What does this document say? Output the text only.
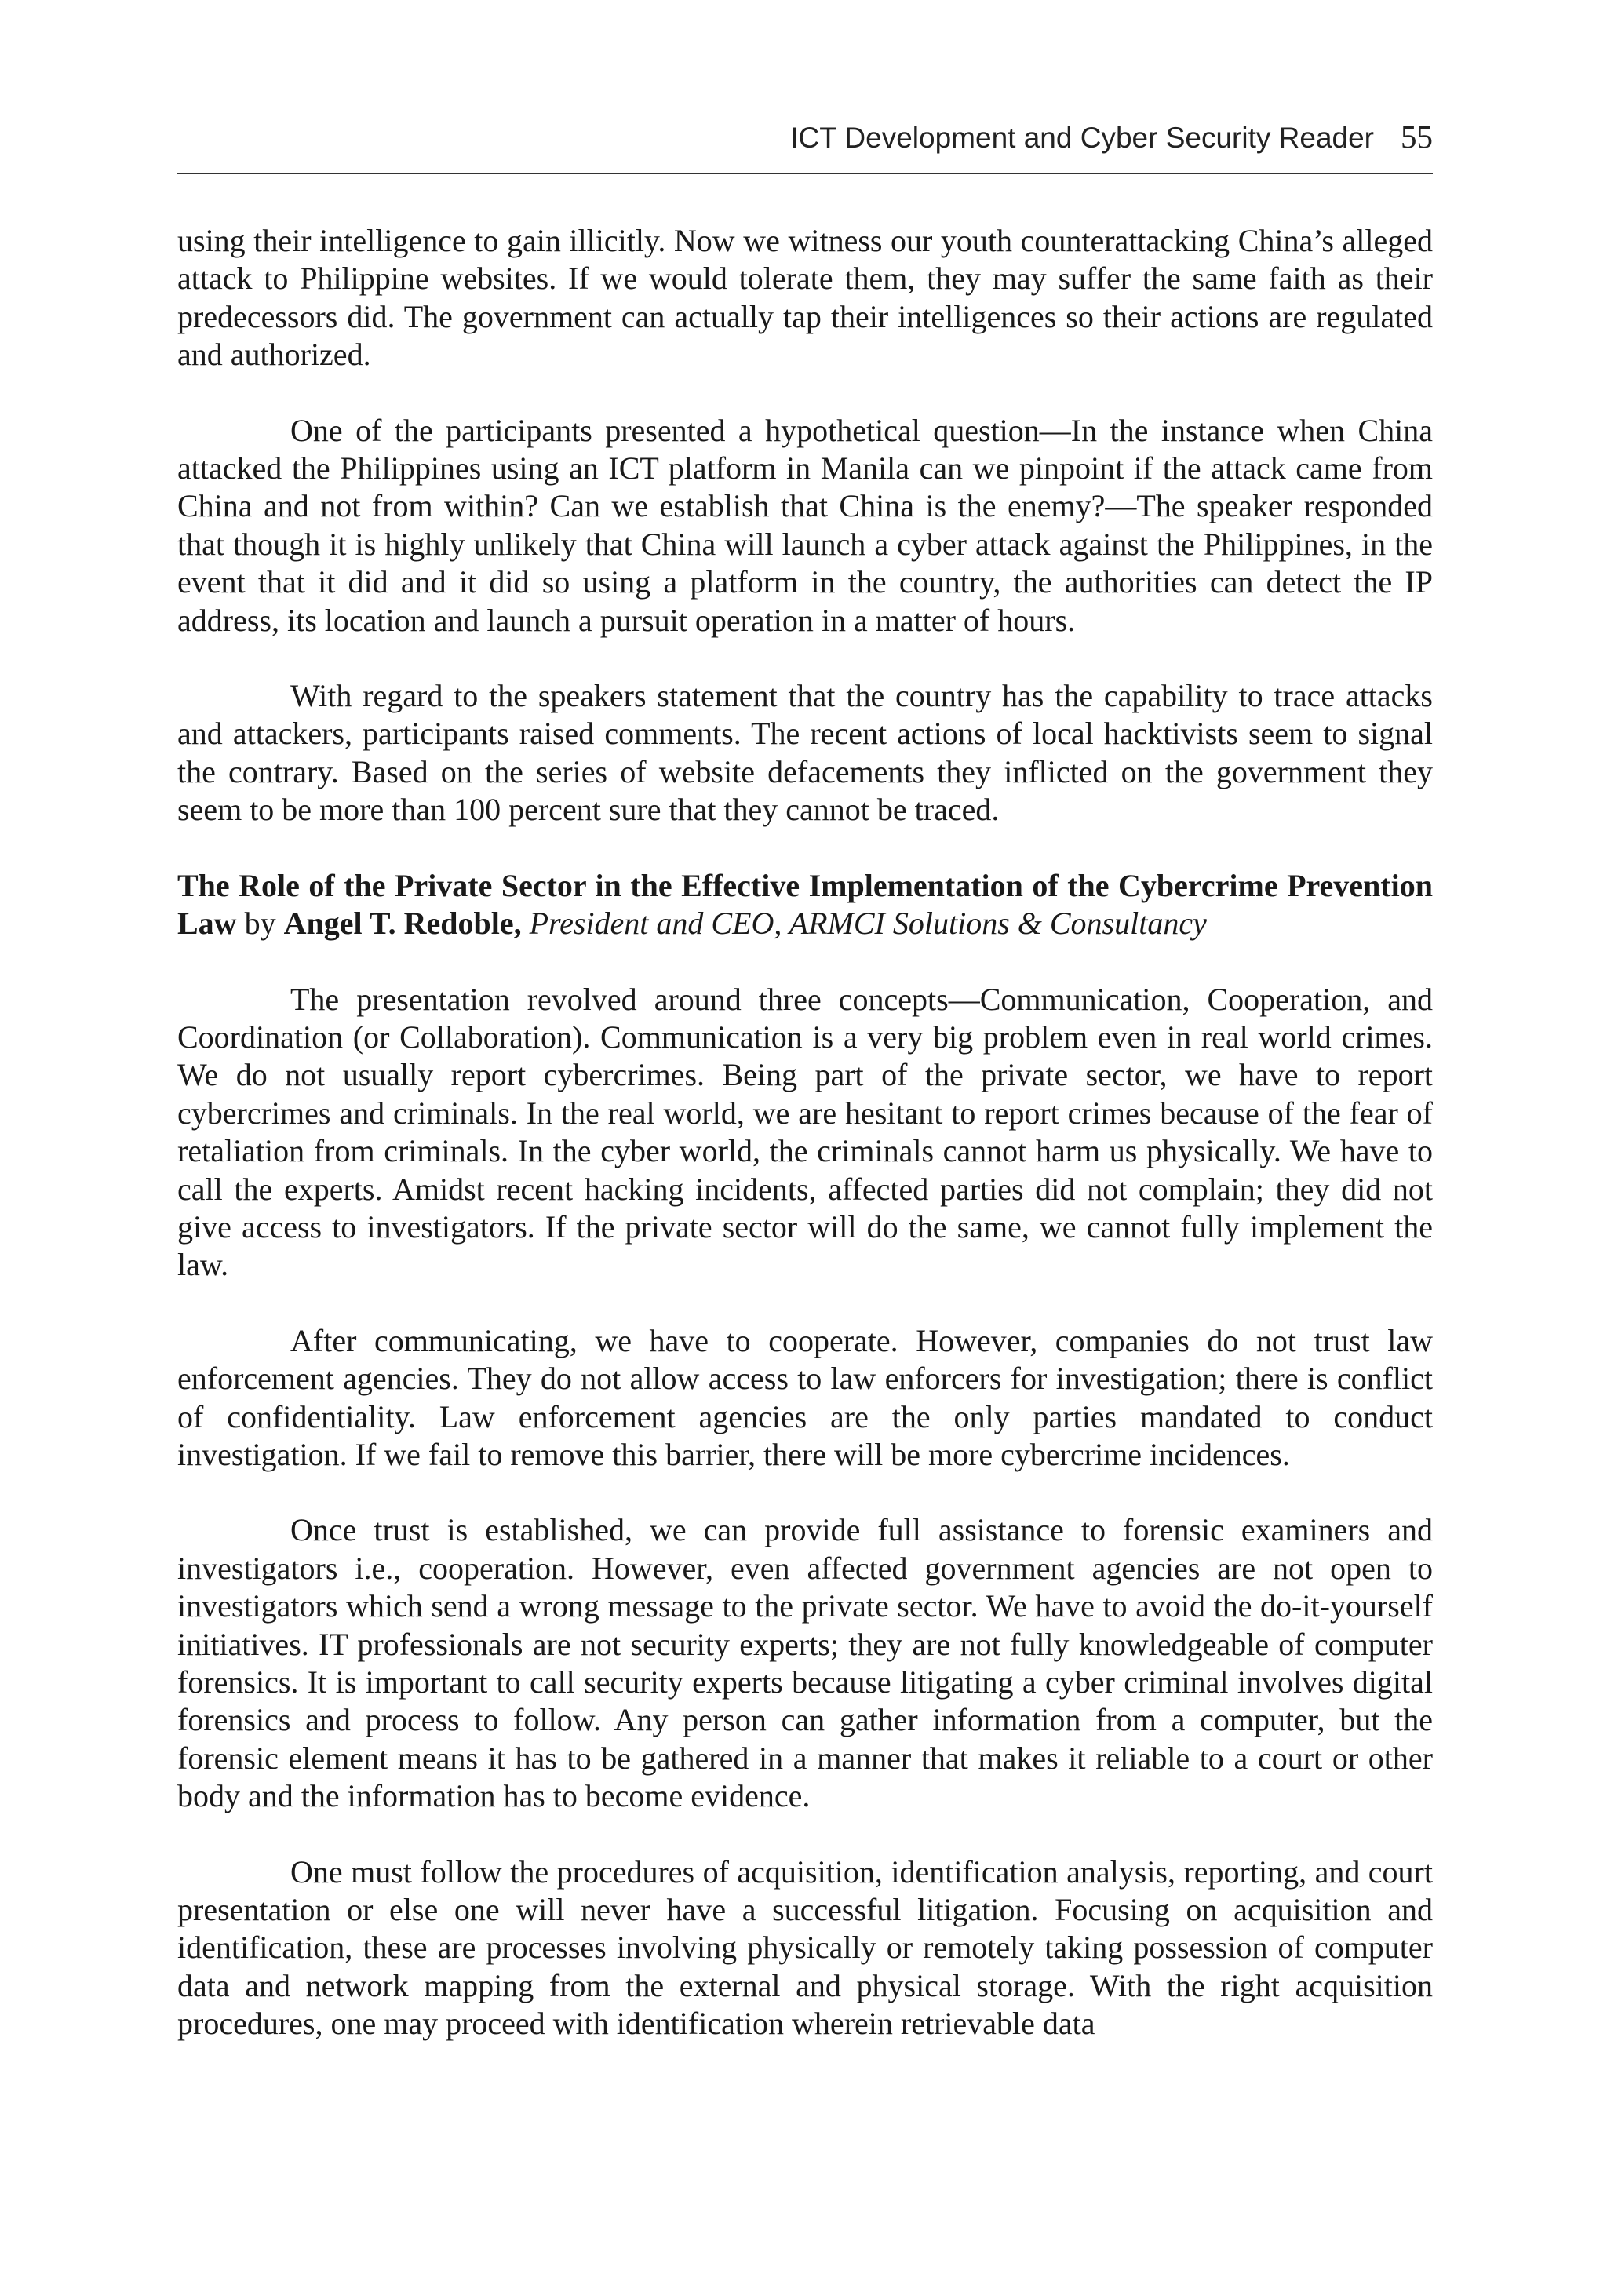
ICT Development and Cyber Security Reader 55

using their intelligence to gain illicitly. Now we witness our youth counterattacking China’s alleged attack to Philippine websites. If we would tolerate them, they may suffer the same faith as their predecessors did. The government can actually tap their intelligences so their actions are regulated and authorized.

One of the participants presented a hypothetical question—In the instance when China attacked the Philippines using an ICT platform in Manila can we pinpoint if the attack came from China and not from within? Can we establish that China is the enemy?—The speaker responded that though it is highly unlikely that China will launch a cyber attack against the Philippines, in the event that it did and it did so using a platform in the country, the authorities can detect the IP address, its location and launch a pursuit operation in a matter of hours.

With regard to the speakers statement that the country has the capability to trace attacks and attackers, participants raised comments. The recent actions of local hacktivists seem to signal the contrary. Based on the series of website defacements they inflicted on the government they seem to be more than 100 percent sure that they cannot be traced.

The Role of the Private Sector in the Effective Implementation of the Cybercrime Prevention Law by Angel T. Redoble, President and CEO, ARMCI Solutions & Consultancy

The presentation revolved around three concepts—Communication, Cooperation, and Coordination (or Collaboration). Communication is a very big problem even in real world crimes. We do not usually report cybercrimes. Being part of the private sector, we have to report cybercrimes and criminals. In the real world, we are hesitant to report crimes because of the fear of retaliation from criminals. In the cyber world, the criminals cannot harm us physically. We have to call the experts. Amidst recent hacking incidents, affected parties did not complain; they did not give access to investigators. If the private sector will do the same, we cannot fully implement the law.

After communicating, we have to cooperate. However, companies do not trust law enforcement agencies. They do not allow access to law enforcers for investigation; there is conflict of confidentiality. Law enforcement agencies are the only parties mandated to conduct investigation. If we fail to remove this barrier, there will be more cybercrime incidences.

Once trust is established, we can provide full assistance to forensic examiners and investigators i.e., cooperation. However, even affected government agencies are not open to investigators which send a wrong message to the private sector. We have to avoid the do-it-yourself initiatives. IT professionals are not security experts; they are not fully knowledgeable of computer forensics. It is important to call security experts because litigating a cyber criminal involves digital forensics and process to follow. Any person can gather information from a computer, but the forensic element means it has to be gathered in a manner that makes it reliable to a court or other body and the information has to become evidence.

One must follow the procedures of acquisition, identification analysis, reporting, and court presentation or else one will never have a successful litigation. Focusing on acquisition and identification, these are processes involving physically or remotely taking possession of computer data and network mapping from the external and physical storage. With the right acquisition procedures, one may proceed with identification wherein retrievable data
